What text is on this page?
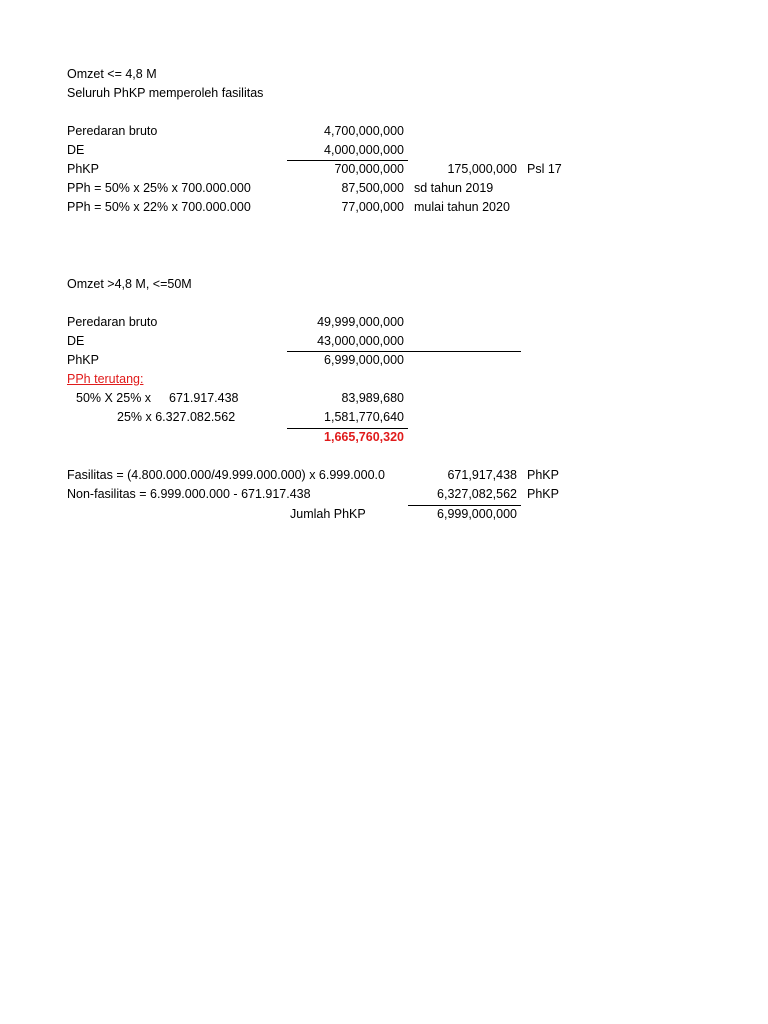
Omzet <= 4,8 M
Seluruh PhKP memperoleh fasilitas
Peredaran bruto	4,700,000,000
DE	4,000,000,000
PhKP	700,000,000	175,000,000 Psl 17
PPh = 50% x 25% x 700.000.000	87,500,000 sd tahun 2019
PPh = 50% x 22% x 700.000.000	77,000,000 mulai tahun 2020
Omzet >4,8 M, <=50M
Peredaran bruto	49,999,000,000
DE	43,000,000,000
PhKP	6,999,000,000
PPh terutang:
50% X 25% x 671.917.438	83,989,680
25% x 6.327.082.562	1,581,770,640
1,665,760,320
Fasilitas = (4.800.000.000/49.999.000.000) x 6.999.000.0	671,917,438 PhKP
Non-fasilitas = 6.999.000.000 - 671.917.438	6,327,082,562 PhKP
Jumlah PhKP	6,999,000,000
